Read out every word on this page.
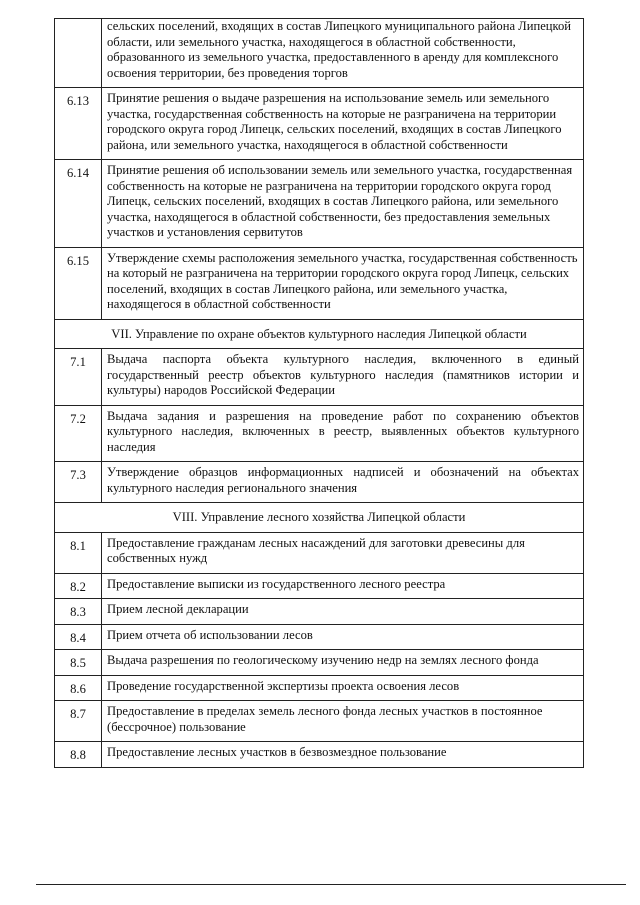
	сельских поселений, входящих в состав Липецкого муниципального района Липецкой области, или земельного участка, находящегося в областной собственности, образованного из земельного участка, предоставленного в аренду для комплексного освоения территории, без проведения торгов
6.13	Принятие решения о выдаче разрешения на использование земель или земельного участка, государственная собственность на которые не разграничена на территории городского округа город Липецк, сельских поселений, входящих в состав Липецкого района, или земельного участка, находящегося в областной собственности
6.14	Принятие решения об использовании земель или земельного участка, государственная собственность на которые не разграничена на территории городского округа город Липецк, сельских поселений, входящих в состав Липецкого района, или земельного участка, находящегося в областной собственности, без предоставления земельных участков и установления сервитутов
6.15	Утверждение схемы расположения земельного участка, государственная собственность на который не разграничена на территории городского округа город Липецк, сельских поселений, входящих в состав Липецкого района, или земельного участка, находящегося в областной собственности
VII. Управление по охране объектов культурного наследия Липецкой области	
7.1	Выдача паспорта объекта культурного наследия, включенного в единый государственный реестр объектов культурного наследия (памятников истории и культуры) народов Российской Федерации
7.2	Выдача задания и разрешения на проведение работ по сохранению объектов культурного наследия, включенных в реестр, выявленных объектов культурного наследия
7.3	Утверждение образцов информационных надписей и обозначений на объектах культурного наследия регионального значения
VIII. Управление лесного хозяйства Липецкой области	
8.1	Предоставление гражданам лесных насаждений для заготовки древесины для собственных нужд
8.2	Предоставление выписки из государственного лесного реестра
8.3	Прием лесной декларации
8.4	Прием отчета об использовании лесов
8.5	Выдача разрешения по геологическому изучению недр на землях лесного фонда
8.6	Проведение государственной экспертизы проекта освоения лесов
8.7	Предоставление в пределах земель лесного фонда лесных участков в постоянное (бессрочное) пользование
8.8	Предоставление лесных участков в безвозмездное пользование
